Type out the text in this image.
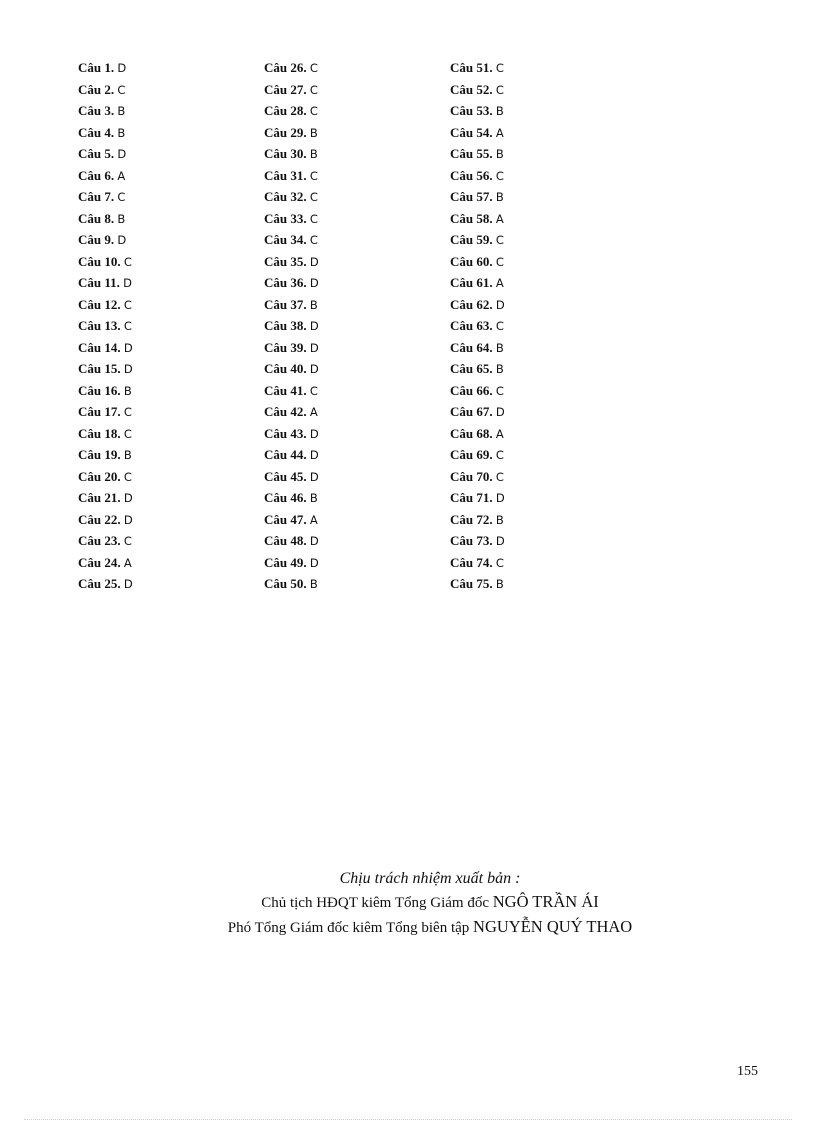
Câu 1. D
Câu 2. C
Câu 3. B
Câu 4. B
Câu 5. D
Câu 6. A
Câu 7. C
Câu 8. B
Câu 9. D
Câu 10. C
Câu 11. D
Câu 12. C
Câu 13. C
Câu 14. D
Câu 15. D
Câu 16. B
Câu 17. C
Câu 18. C
Câu 19. B
Câu 20. C
Câu 21. D
Câu 22. D
Câu 23. C
Câu 24. A
Câu 25. D
Câu 26. C
Câu 27. C
Câu 28. C
Câu 29. B
Câu 30. B
Câu 31. C
Câu 32. C
Câu 33. C
Câu 34. C
Câu 35. D
Câu 36. D
Câu 37. B
Câu 38. D
Câu 39. D
Câu 40. D
Câu 41. C
Câu 42. A
Câu 43. D
Câu 44. D
Câu 45. D
Câu 46. B
Câu 47. A
Câu 48. D
Câu 49. D
Câu 50. B
Câu 51. C
Câu 52. C
Câu 53. B
Câu 54. A
Câu 55. B
Câu 56. C
Câu 57. B
Câu 58. A
Câu 59. C
Câu 60. C
Câu 61. A
Câu 62. D
Câu 63. C
Câu 64. B
Câu 65. B
Câu 66. C
Câu 67. D
Câu 68. A
Câu 69. C
Câu 70. C
Câu 71. D
Câu 72. B
Câu 73. D
Câu 74. C
Câu 75. B
Chịu trách nhiệm xuất bản :
Chủ tịch HĐQT kiêm Tổng Giám đốc NGÔ TRẦN ÁI
Phó Tổng Giám đốc kiêm Tổng biên tập NGUYỄN QUÝ THAO
155
